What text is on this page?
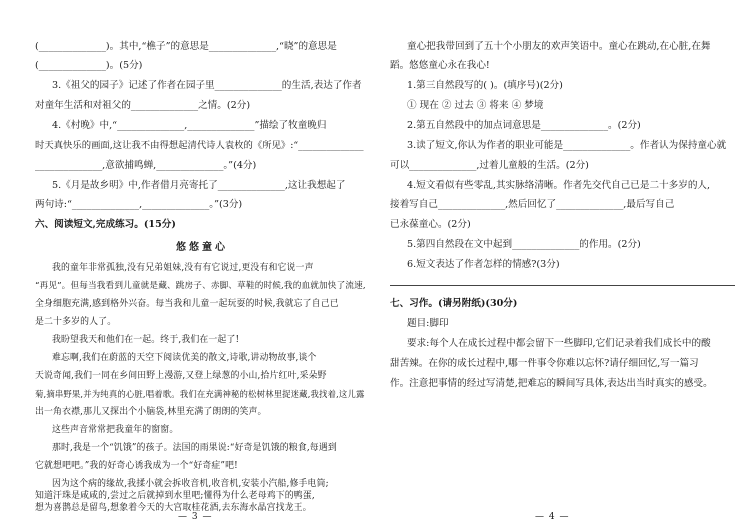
(______________)。其中,“樵子”的意思是______________,“晓”的意思是
(______________)。(5分)
3.《祖父的园子》记述了作者在园子里______________的生活,表达了作者
对童年生活和对祖父的______________之情。(2分)
4.《村晚》中,“______________,______________”描绘了牧童晚归
时天真快乐的画面,这让我不由得想起清代诗人袁枚的《所见》:“______________
______________,意欲捕鸣蝉,______________。”(4分)
5.《月是故乡明》中,作者借月亮寄托了______________,这让我想起了
两句诗:“______________,______________。”(3分)
六、阅读短文,完成练习。(15分)
悠悠童心
我的童年非常孤独,没有兄弟姐妹,没有有它说过,更没有和它说一声
“再见”。但每当我看到儿童就是藏、跳房子、赤脚、草鞋的时候,我的血就加快了流速,
全身细胞充满,感到格外兴奋。每当我和儿童一起玩耍的时候,我就忘了自己已
是二十多岁的人了。
我盼望我天和他们在一起。终于,我们在一起了!
难忘啊,我们在蔚蓝的天空下阅读优美的散文,诗歌,讲动物故事,谈个
天说奇闻,我们一同在乡间田野上漫游,又登上绿葱的小山,拾片红叶,采朵野
菊,摘串野果,并为纯真的心脏,唱着歌。我们在充满神秘的松树林里捉迷藏,我找着,这儿露
出一角衣襟,那儿又探出个小脑袋,林里充满了朗朗的笑声。
这些声音常常把我童年的窗窗。
那时,我是一个“饥饿”的孩子。法国的雨果说:“好奇是饥饿的粮食,每遇到
它就想吧吧。”我的好奇心诱我成为一个“好奇症”吧!
因为这个病的缘故,我揉小就会拆收音机,收音机,安装小汽船,修手电筒;
知道汗珠是咸咸的,尝过之后就掉到水里吧;懂得为什么老母鸡下的鸭蛋,
想为喜鹊总是留鸟,想象着今天的大宫取桂花酒,去东海水晶宫找龙王。
— 3 —
童心把我带回到了五十个小朋友的欢声笑语中。童心在跳动,在心脏,在舞
蹈。悠悠童心永在我心!
1.第三自然段写的( )。(填序号)(2分)
① 现在 ② 过去 ③ 将来 ④ 梦境
2.第五自然段中的加点词意思是______________。(2分)
3.读了短文,你认为作者的职业可能是______________。作者认为保持童心就
可以______________,过着儿童般的生活。(2分)
4.短文看似有些零乱,其实脉络清晰。作者先交代自己已是二十多岁的人,
接着写自己______________,然后回忆了______________,最后写自己
已永葆童心。(2分)
5.第四自然段在文中起到______________的作用。(2分)
6.短文表达了作者怎样的情感?(3分)
七、习作。(请另附纸)(30分)
题目:脚印
要求:每个人在成长过程中都会留下一些脚印,它们记录着我们成长中的酸
甜苦辣。在你的成长过程中,哪一件事令你难以忘怀?请仔细回忆,写一篇习
作。注意把事情的经过写清楚,把难忘的瞬间写具体,表达出当时真实的感受。
— 4 —
